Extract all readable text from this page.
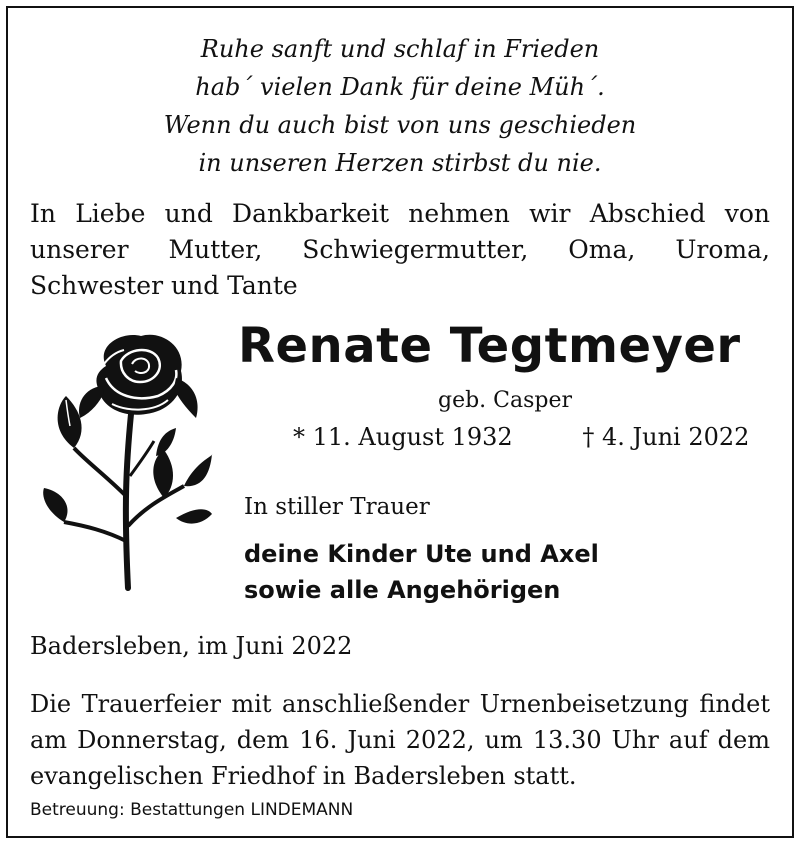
Ruhe sanft und schlaf in Frieden
hab´ vielen Dank für deine Müh´.
Wenn du auch bist von uns geschieden
in unseren Herzen stirbst du nie.
In Liebe und Dankbarkeit nehmen wir Abschied von unserer Mutter, Schwiegermutter, Oma, Uroma, Schwester und Tante
Renate Tegtmeyer
geb. Casper
* 11. August 1932	† 4. Juni 2022
In stiller Trauer
deine Kinder Ute und Axel
sowie alle Angehörigen
Badersleben, im Juni 2022
Die Trauerfeier mit anschließender Urnenbeisetzung findet am Donnerstag, dem 16. Juni 2022, um 13.30 Uhr auf dem evangelischen Friedhof in Badersleben statt.
Betreuung: Bestattungen LINDEMANN
